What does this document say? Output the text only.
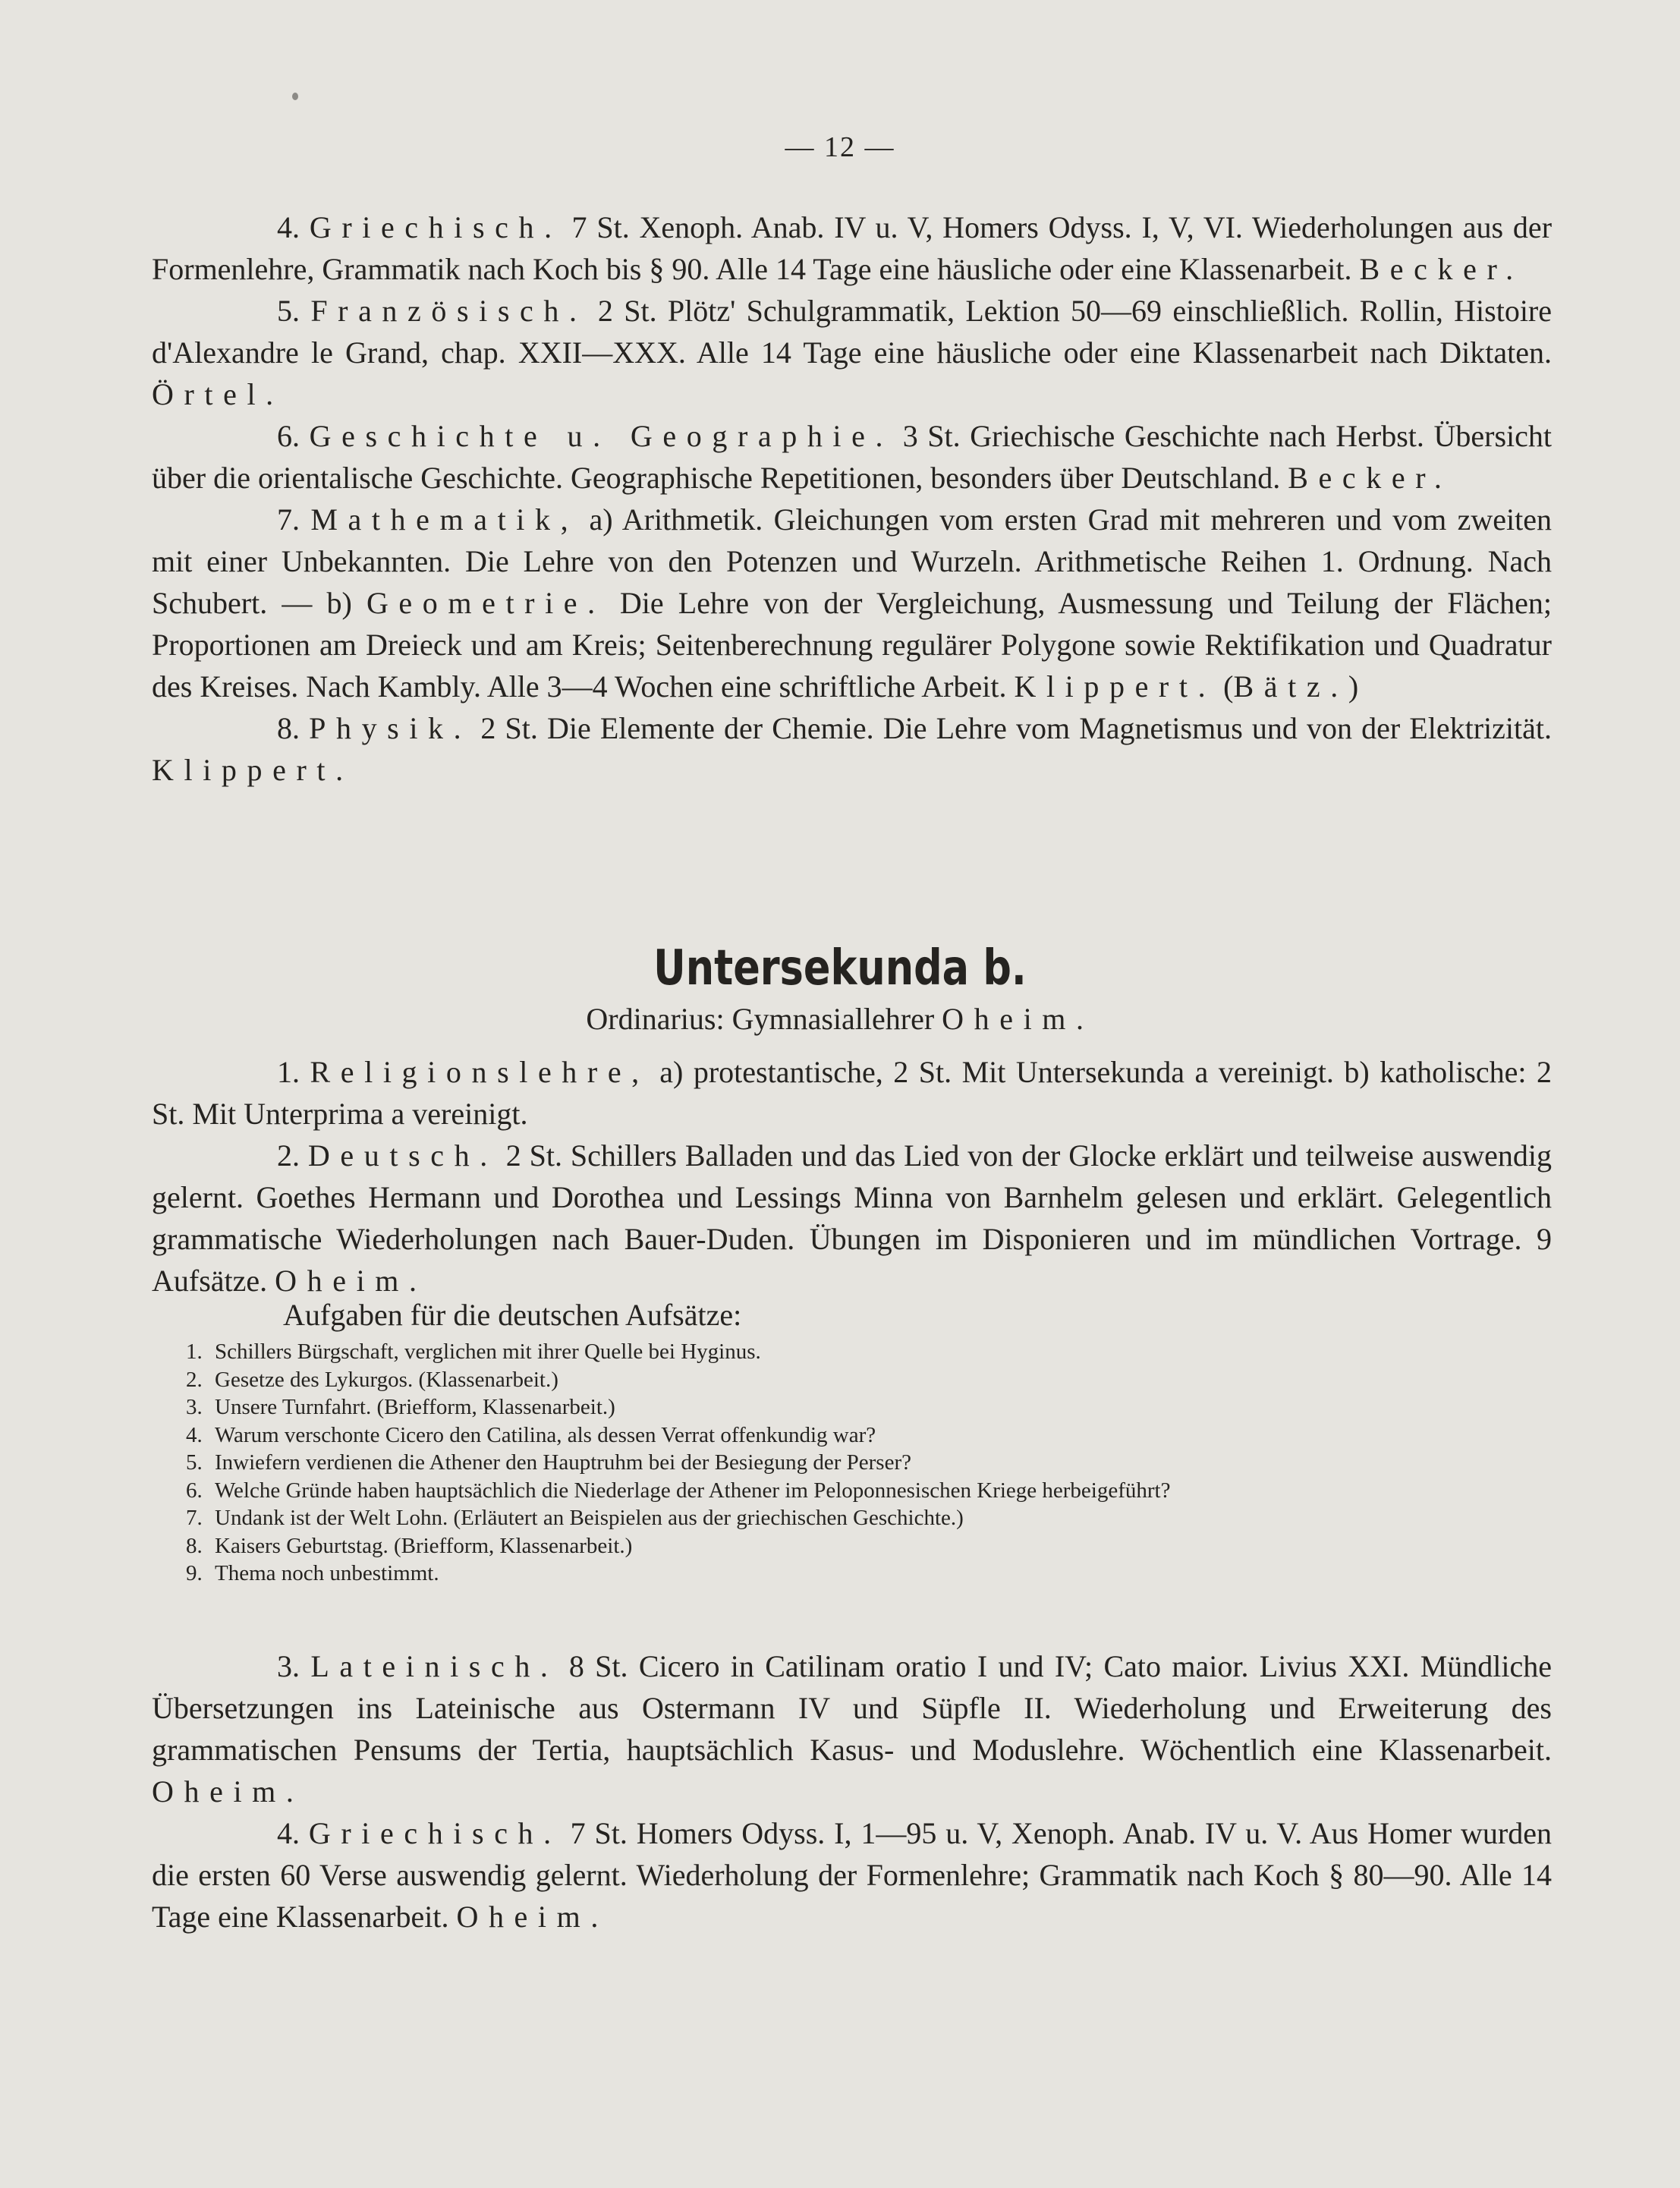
— 12 —

4. Griechisch. 7 St. Xenoph. Anab. IV u. V, Homers Odyss. I, V, VI. Wiederholungen aus der Formenlehre, Grammatik nach Koch bis § 90. Alle 14 Tage eine häusliche oder eine Klassenarbeit. Becker.

5. Französisch. 2 St. Plötz' Schulgrammatik, Lektion 50—69 einschließlich. Rollin, Histoire d'Alexandre le Grand, chap. XXII—XXX. Alle 14 Tage eine häusliche oder eine Klassenarbeit nach Diktaten. Örtel.

6. Geschichte u. Geographie. 3 St. Griechische Geschichte nach Herbst. Übersicht über die orientalische Geschichte. Geographische Repetitionen, besonders über Deutschland. Becker.

7. Mathematik, a) Arithmetik. Gleichungen vom ersten Grad mit mehreren und vom zweiten mit einer Unbekannten. Die Lehre von den Potenzen und Wurzeln. Arithmetische Reihen 1. Ordnung. Nach Schubert. — b) Geometrie. Die Lehre von der Vergleichung, Ausmessung und Teilung der Flächen; Proportionen am Dreieck und am Kreis; Seitenberechnung regulärer Polygone sowie Rektifikation und Quadratur des Kreises. Nach Kambly. Alle 3—4 Wochen eine schriftliche Arbeit. Klippert. (Bätz.)

8. Physik. 2 St. Die Elemente der Chemie. Die Lehre vom Magnetismus und von der Elektrizität. Klippert.

Untersekunda b.
Ordinarius: Gymnasiallehrer Oheim.

1. Religionslehre, a) protestantische, 2 St. Mit Untersekunda a vereinigt. b) katholische: 2 St. Mit Unterprima a vereinigt.

2. Deutsch. 2 St. Schillers Balladen und das Lied von der Glocke erklärt und teilweise auswendig gelernt. Goethes Hermann und Dorothea und Lessings Minna von Barnhelm gelesen und erklärt. Gelegentlich grammatische Wiederholungen nach Bauer-Duden. Übungen im Disponieren und im mündlichen Vortrage. 9 Aufsätze. Oheim.

Aufgaben für die deutschen Aufsätze:
1. Schillers Bürgschaft, verglichen mit ihrer Quelle bei Hyginus.
2. Gesetze des Lykurgos. (Klassenarbeit.)
3. Unsere Turnfahrt. (Briefform, Klassenarbeit.)
4. Warum verschonte Cicero den Catilina, als dessen Verrat offenkundig war?
5. Inwiefern verdienen die Athener den Hauptruhm bei der Besiegung der Perser?
6. Welche Gründe haben hauptsächlich die Niederlage der Athener im Peloponnesischen Kriege herbeigeführt?
7. Undank ist der Welt Lohn. (Erläutert an Beispielen aus der griechischen Geschichte.)
8. Kaisers Geburtstag. (Briefform, Klassenarbeit.)
9. Thema noch unbestimmt.

3. Lateinisch. 8 St. Cicero in Catilinam oratio I und IV; Cato maior. Livius XXI. Mündliche Übersetzungen ins Lateinische aus Ostermann IV und Süpfle II. Wiederholung und Erweiterung des grammatischen Pensums der Tertia, hauptsächlich Kasus- und Moduslehre. Wöchentlich eine Klassenarbeit. Oheim.

4. Griechisch. 7 St. Homers Odyss. I, 1—95 u. V, Xenoph. Anab. IV u. V. Aus Homer wurden die ersten 60 Verse auswendig gelernt. Wiederholung der Formenlehre; Grammatik nach Koch § 80—90. Alle 14 Tage eine Klassenarbeit. Oheim.
